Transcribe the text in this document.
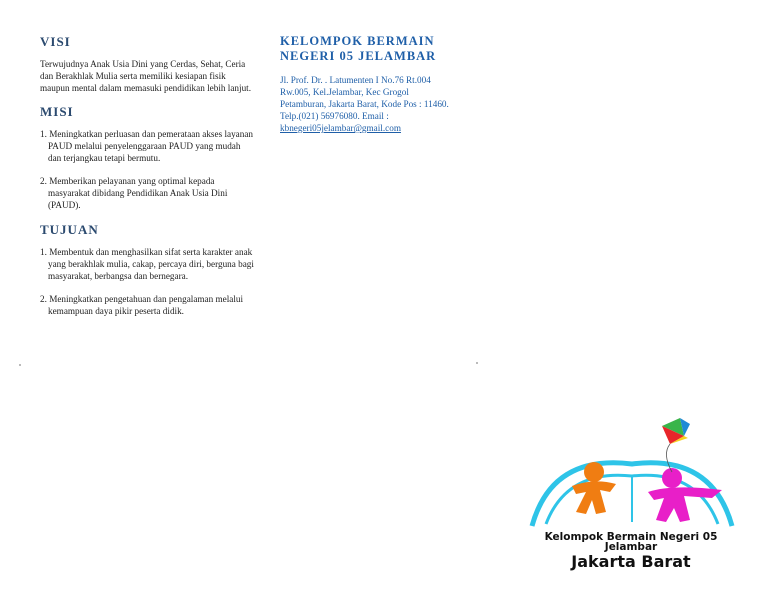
VISI

Terwujudnya Anak Usia Dini yang Cerdas, Sehat, Ceria dan Berakhlak Mulia serta memiliki kesiapan fisik maupun mental dalam memasuki pendidikan lebih lanjut.

MISI
1. Meningkatkan perluasan dan pemerataan akses layanan PAUD melalui penyelenggaraan PAUD yang mudah dan terjangkau tetapi bermutu.
2. Memberikan pelayanan yang optimal kepada masyarakat dibidang Pendidikan Anak Usia Dini (PAUD).
TUJUAN
1. Membentuk dan menghasilkan sifat serta karakter anak yang berakhlak mulia, cakap, percaya diri, berguna bagi masyarakat, berbangsa dan bernegara.
2. Meningkatkan pengetahuan dan pengalaman melalui kemampuan daya pikir peserta didik.
KELOMPOK BERMAIN
NEGERI 05 JELAMBAR
Jl. Prof. Dr. . Latumenten I No.76 Rt.004
Rw.005, Kel.Jelambar, Kec Grogol
Petamburan, Jakarta Barat, Kode Pos : 11460.
Telp.(021) 56976080. Email :
kbnegeri05jelambar@gmail.com
Kelompok Bermain Negeri 05
Jelambar
Jakarta Barat
